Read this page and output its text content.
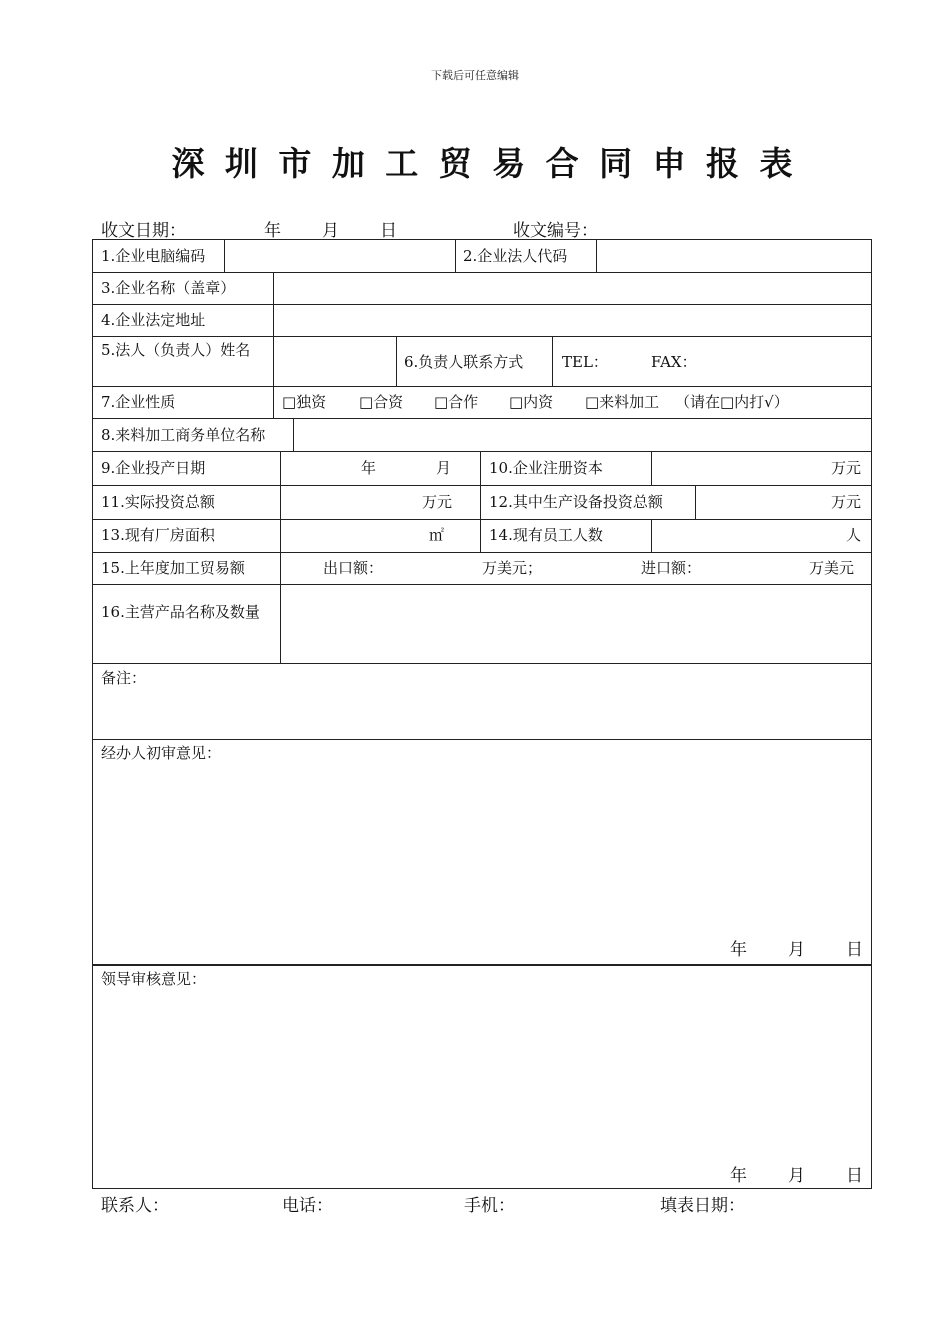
下载后可任意编辑
深圳市加工贸易合同申报表
收文日期：	年 月 日	收文编号：
1.企业电脑编码	2.企业法人代码
3.企业名称（盖章）
4.企业法定地址
5.法人（负责人）姓名
6.负责人联系方式	TEL：	FAX：
7.企业性质	□独资 □合资 □合作 □内资 □来料加工 （请在□内打√）
8.来料加工商务单位名称
9.企业投产日期	年	月	10.企业注册资本	万元
11.实际投资总额	万元 12.其中生产设备投资总额	万元
13.现有厂房面积	㎡	14.现有员工人数	人
15.上年度加工贸易额	出口额：	万美元；	进口额：	万美元
16.主营产品名称及数量
备注：
经办人初审意见：
年 月 日
领导审核意见：
年 月 日
联系人：	电话：	手机：	填表日期：
